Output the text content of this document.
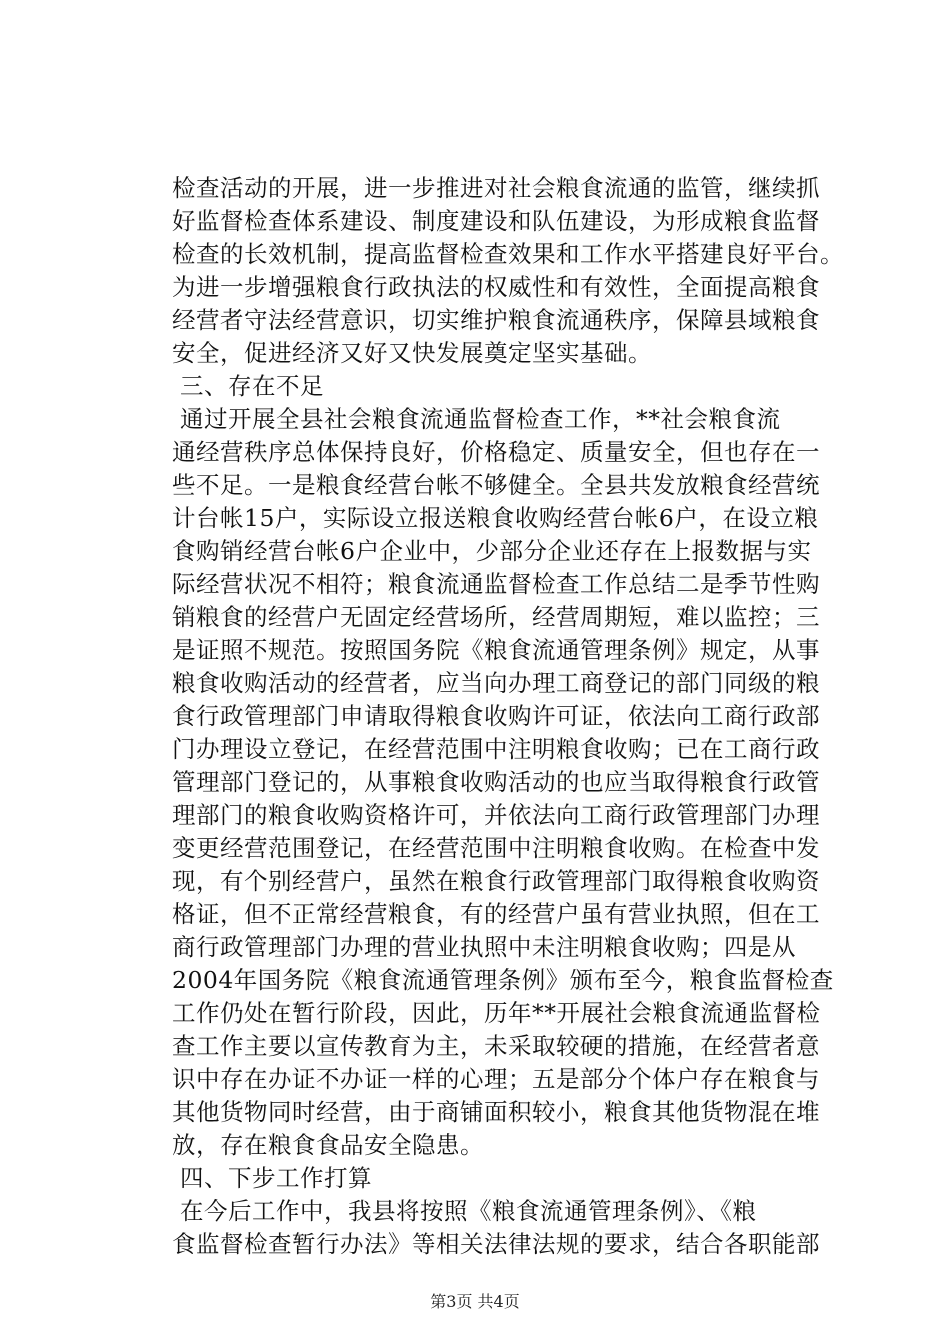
检查活动的开展，进一步推进对社会粮食流通的监管，继续抓
好监督检查体系建设、制度建设和队伍建设，为形成粮食监督
检查的长效机制，提高监督检查效果和工作水平搭建良好平台。
为进一步增强粮食行政执法的权威性和有效性，全面提高粮食
经营者守法经营意识，切实维护粮食流通秩序，保障县域粮食
安全，促进经济又好又快发展奠定坚实基础。
三、存在不足
通过开展全县社会粮食流通监督检查工作，**社会粮食流
通经营秩序总体保持良好，价格稳定、质量安全，但也存在一
些不足。一是粮食经营台帐不够健全。全县共发放粮食经营统
计台帐15户，实际设立报送粮食收购经营台帐6户，在设立粮
食购销经营台帐6户企业中，少部分企业还存在上报数据与实
际经营状况不相符；粮食流通监督检查工作总结二是季节性购
销粮食的经营户无固定经营场所，经营周期短，难以监控；三
是证照不规范。按照国务院《粮食流通管理条例》规定，从事
粮食收购活动的经营者，应当向办理工商登记的部门同级的粮
食行政管理部门申请取得粮食收购许可证，依法向工商行政部
门办理设立登记，在经营范围中注明粮食收购；已在工商行政
管理部门登记的，从事粮食收购活动的也应当取得粮食行政管
理部门的粮食收购资格许可，并依法向工商行政管理部门办理
变更经营范围登记，在经营范围中注明粮食收购。在检查中发
现，有个别经营户，虽然在粮食行政管理部门取得粮食收购资
格证，但不正常经营粮食，有的经营户虽有营业执照，但在工
商行政管理部门办理的营业执照中未注明粮食收购；四是从
2004年国务院《粮食流通管理条例》颁布至今，粮食监督检查
工作仍处在暂行阶段，因此，历年**开展社会粮食流通监督检
查工作主要以宣传教育为主，未采取较硬的措施，在经营者意
识中存在办证不办证一样的心理；五是部分个体户存在粮食与
其他货物同时经营，由于商铺面积较小，粮食其他货物混在堆
放，存在粮食食品安全隐患。
四、下步工作打算
在今后工作中，我县将按照《粮食流通管理条例》、《粮
食监督检查暂行办法》等相关法律法规的要求，结合各职能部
第3页 共4页
